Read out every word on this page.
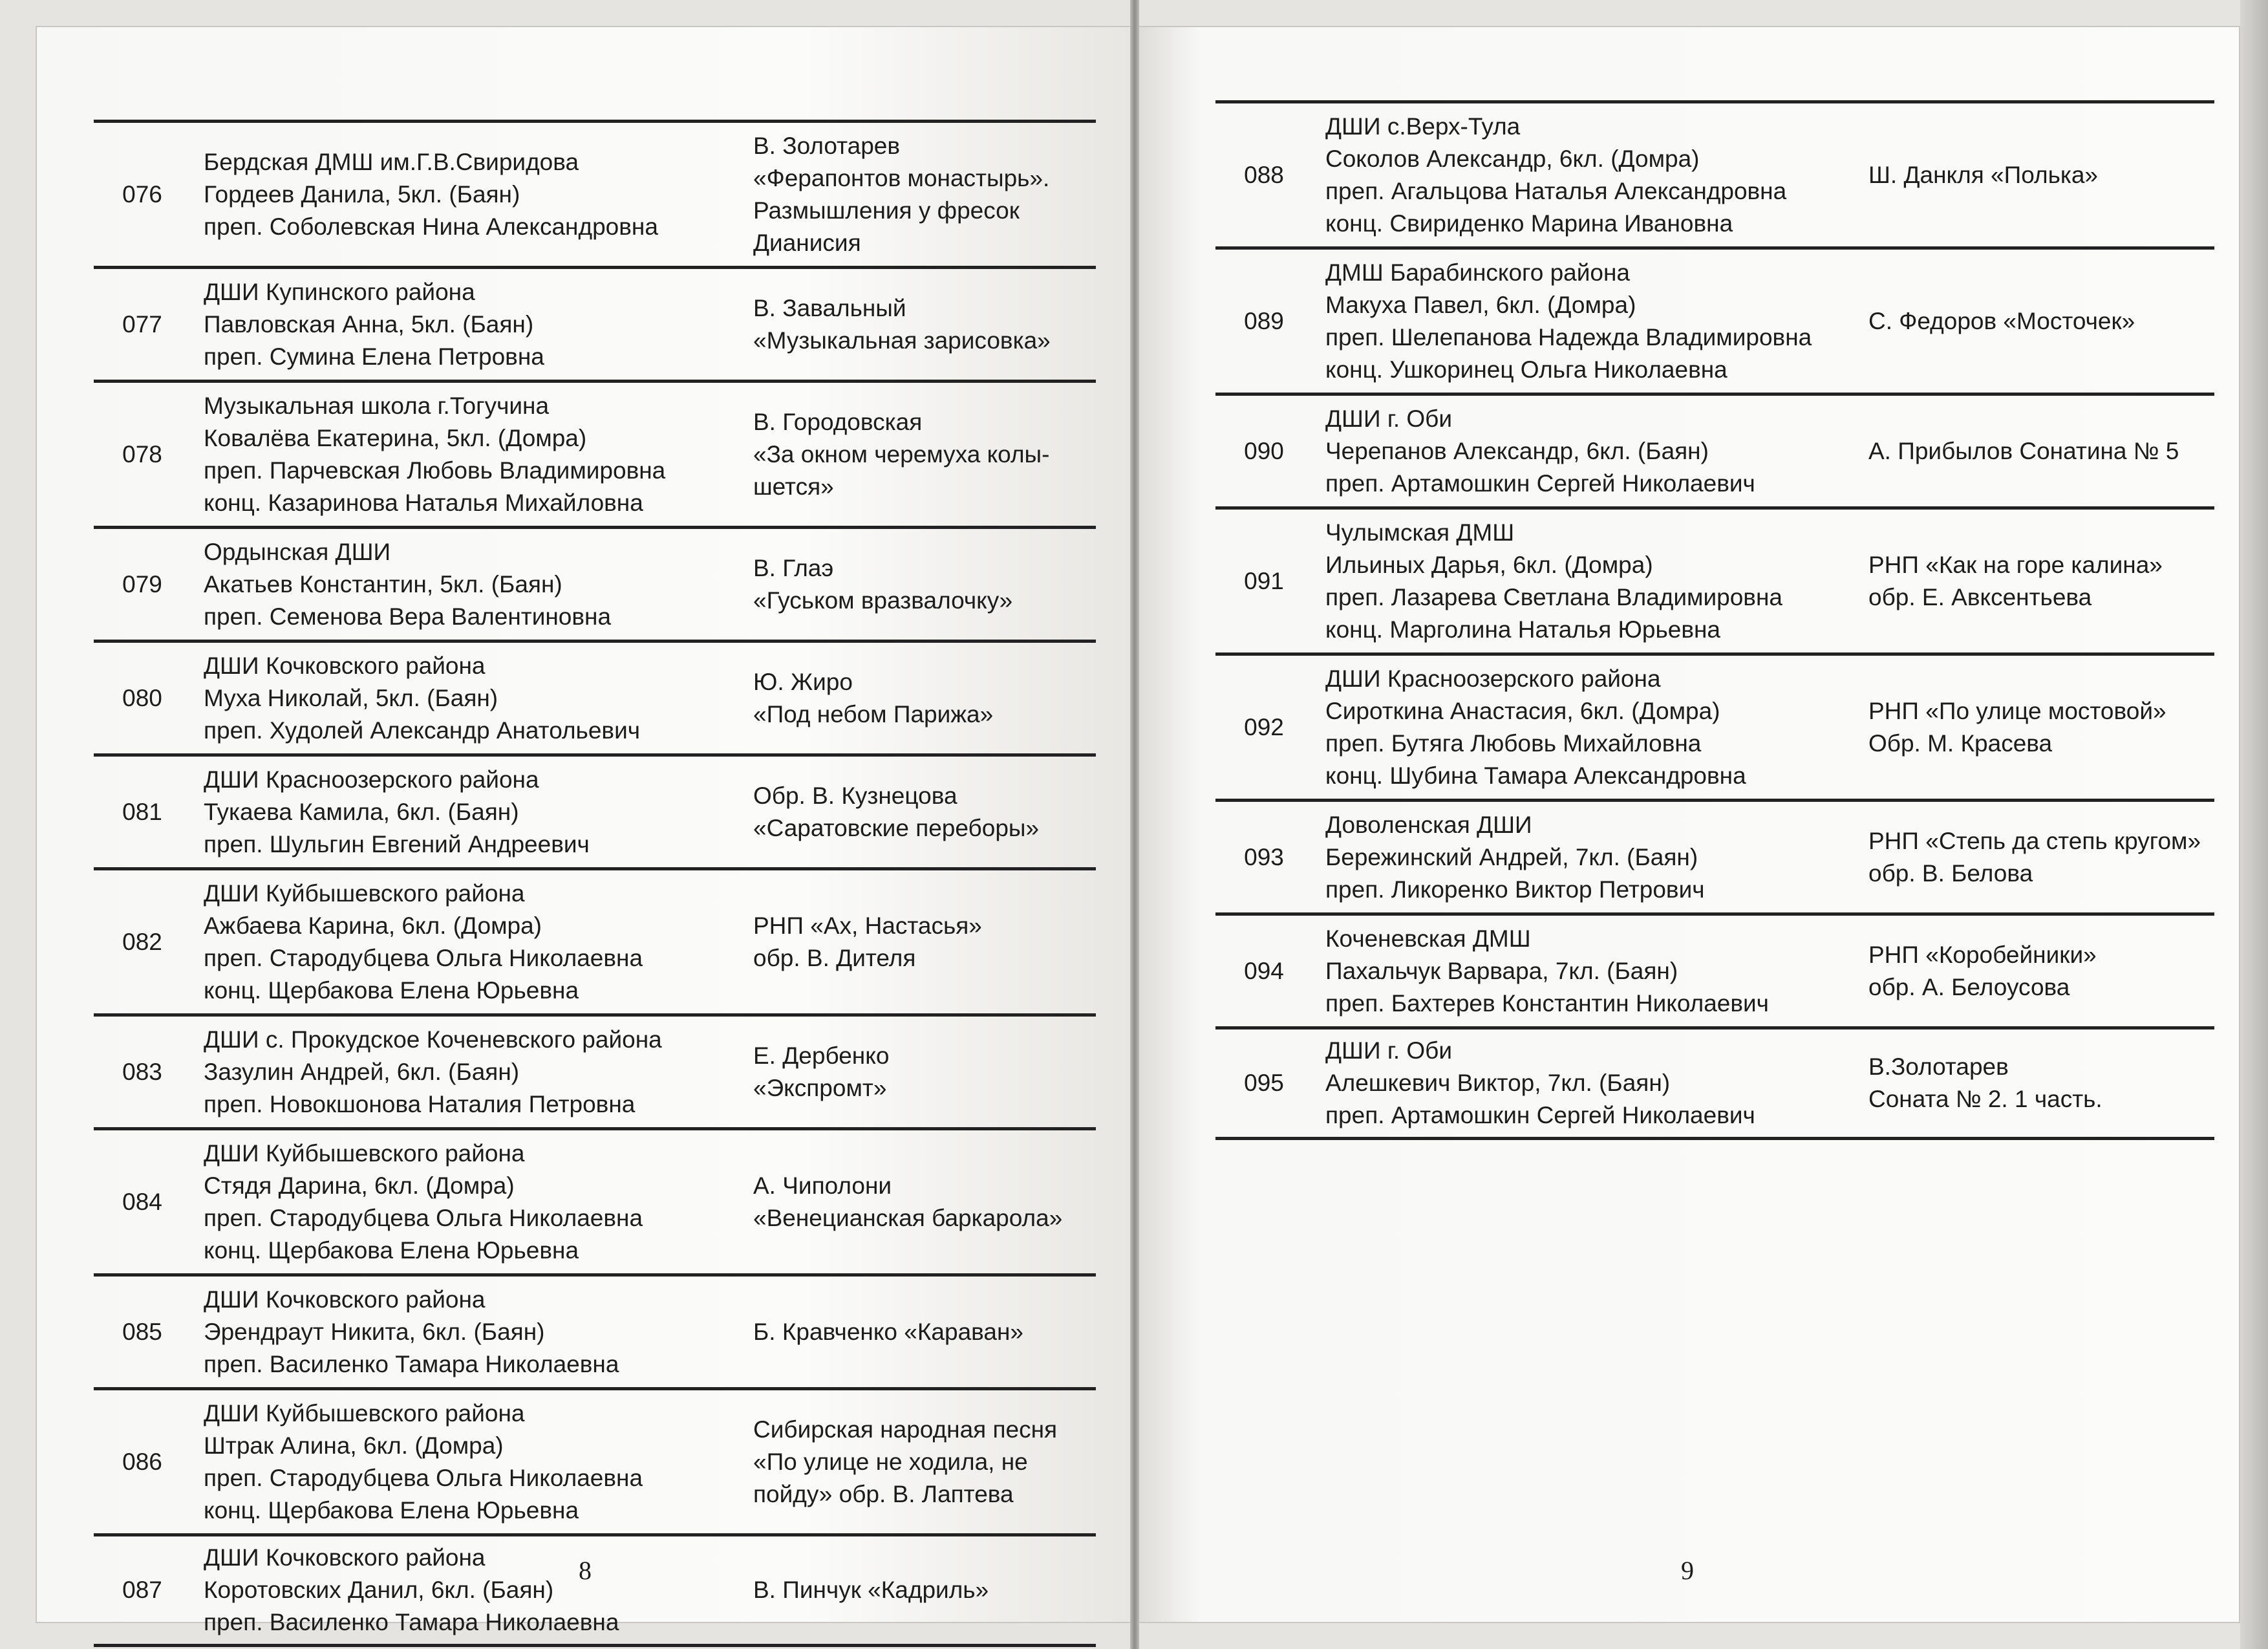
076
Бердская ДМШ им.Г.В.Свиридова
Гордеев Данила, 5кл. (Баян)
преп. Соболевская Нина Александровна
В. Золотарев
«Ферапонтов монастырь».
Размышления у фресок
Дианисия
077
ДШИ Купинского района
Павловская Анна, 5кл. (Баян)
преп. Сумина Елена Петровна
В. Завальный
«Музыкальная зарисовка»
078
Музыкальная школа г.Тогучина
Ковалёва Екатерина, 5кл. (Домра)
преп. Парчевская Любовь Владимировна
конц. Казаринова Наталья Михайловна
В. Городовская
«За окном черемуха колы-
шется»
079
Ордынская ДШИ
Акатьев Константин, 5кл. (Баян)
преп. Семенова Вера Валентиновна
В. Глаэ
«Гуськом вразвалочку»
080
ДШИ Кочковского района
Муха Николай, 5кл. (Баян)
преп. Худолей Александр Анатольевич
Ю. Жиро
«Под небом Парижа»
081
ДШИ Красноозерского района
Тукаева Камила, 6кл. (Баян)
преп. Шульгин Евгений Андреевич
Обр. В. Кузнецова
«Саратовские переборы»
082
ДШИ Куйбышевского района
Ажбаева Карина, 6кл. (Домра)
преп. Стародубцева Ольга Николаевна
конц. Щербакова Елена Юрьевна
РНП «Ах, Настасья»
обр. В. Дителя
083
ДШИ с. Прокудское Коченевского района
Зазулин Андрей, 6кл. (Баян)
преп. Новокшонова Наталия Петровна
Е. Дербенко
«Экспромт»
084
ДШИ Куйбышевского района
Стядя Дарина, 6кл. (Домра)
преп. Стародубцева Ольга Николаевна
конц. Щербакова Елена Юрьевна
А. Чиполони
«Венецианская баркарола»
085
ДШИ Кочковского района
Эрендраут Никита, 6кл. (Баян)
преп. Василенко Тамара Николаевна
Б. Кравченко «Караван»
086
ДШИ Куйбышевского района
Штрак Алина, 6кл. (Домра)
преп. Стародубцева Ольга Николаевна
конц. Щербакова Елена Юрьевна
Сибирская народная песня
«По улице не ходила, не
пойду» обр. В. Лаптева
087
ДШИ Кочковского района
Коротовских Данил, 6кл. (Баян)
преп. Василенко Тамара Николаевна
В. Пинчук «Кадриль»
8
088
ДШИ с.Верх-Тула
Соколов Александр, 6кл. (Домра)
преп. Агальцова Наталья Александровна
конц. Свириденко Марина Ивановна
Ш. Данкля «Полька»
089
ДМШ Барабинского района
Макуха Павел, 6кл. (Домра)
преп. Шелепанова Надежда Владимировна
конц. Ушкоринец Ольга Николаевна
С. Федоров «Мосточек»
090
ДШИ г. Оби
Черепанов Александр, 6кл. (Баян)
преп. Артамошкин Сергей Николаевич
А. Прибылов Сонатина № 5
091
Чулымская ДМШ
Ильиных Дарья, 6кл. (Домра)
преп. Лазарева Светлана Владимировна
конц. Марголина Наталья Юрьевна
РНП «Как на горе калина»
обр. Е. Авксентьева
092
ДШИ Красноозерского района
Сироткина Анастасия, 6кл. (Домра)
преп. Бутяга Любовь Михайловна
конц. Шубина Тамара Александровна
РНП «По улице мостовой»
Обр. М. Красева
093
Доволенская ДШИ
Бережинский Андрей, 7кл. (Баян)
преп. Ликоренко Виктор Петрович
РНП «Степь да степь кругом»
обр. В. Белова
094
Коченевская ДМШ
Пахальчук Варвара, 7кл. (Баян)
преп. Бахтерев Константин Николаевич
РНП «Коробейники»
обр. А. Белоусова
095
ДШИ г. Оби
Алешкевич Виктор, 7кл. (Баян)
преп. Артамошкин Сергей Николаевич
В.Золотарев
Соната № 2. 1 часть.
9
